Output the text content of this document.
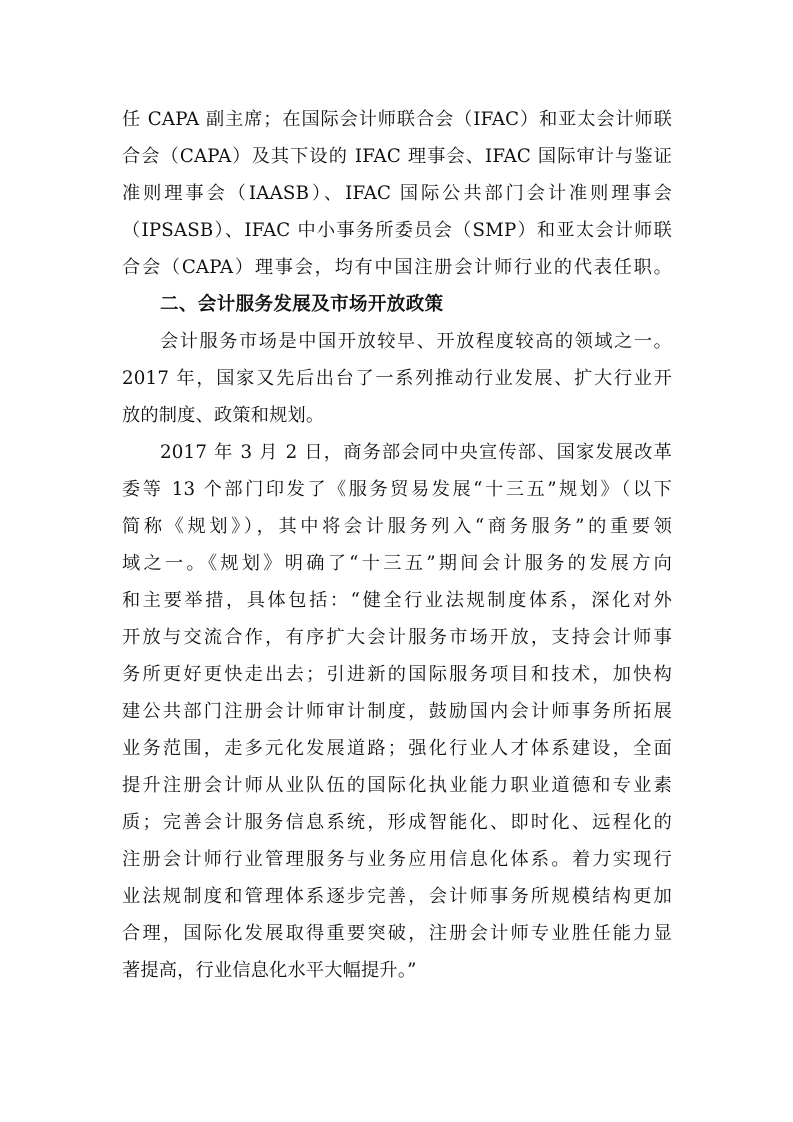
任 CAPA 副主席；在国际会计师联合会（IFAC）和亚太会计师联
合会（CAPA）及其下设的 IFAC 理事会、IFAC 国际审计与鉴证
准则理事会（IAASB）、IFAC 国际公共部门会计准则理事会
（IPSASB）、IFAC 中小事务所委员会（SMP）和亚太会计师联
合会（CAPA）理事会，均有中国注册会计师行业的代表任职。
二、会计服务发展及市场开放政策
会计服务市场是中国开放较早、开放程度较高的领域之一。
2017 年，国家又先后出台了一系列推动行业发展、扩大行业开
放的制度、政策和规划。
2017 年 3 月 2 日，商务部会同中央宣传部、国家发展改革
委等 13 个部门印发了《服务贸易发展“十三五”规划》（以下
简称《规划》），其中将会计服务列入“商务服务”的重要领
域之一。《规划》明确了“十三五”期间会计服务的发展方向
和主要举措，具体包括：“健全行业法规制度体系，深化对外
开放与交流合作，有序扩大会计服务市场开放，支持会计师事
务所更好更快走出去；引进新的国际服务项目和技术，加快构
建公共部门注册会计师审计制度，鼓励国内会计师事务所拓展
业务范围，走多元化发展道路；强化行业人才体系建设，全面
提升注册会计师从业队伍的国际化执业能力职业道德和专业素
质；完善会计服务信息系统，形成智能化、即时化、远程化的
注册会计师行业管理服务与业务应用信息化体系。着力实现行
业法规制度和管理体系逐步完善，会计师事务所规模结构更加
合理，国际化发展取得重要突破，注册会计师专业胜任能力显
著提高，行业信息化水平大幅提升。”
